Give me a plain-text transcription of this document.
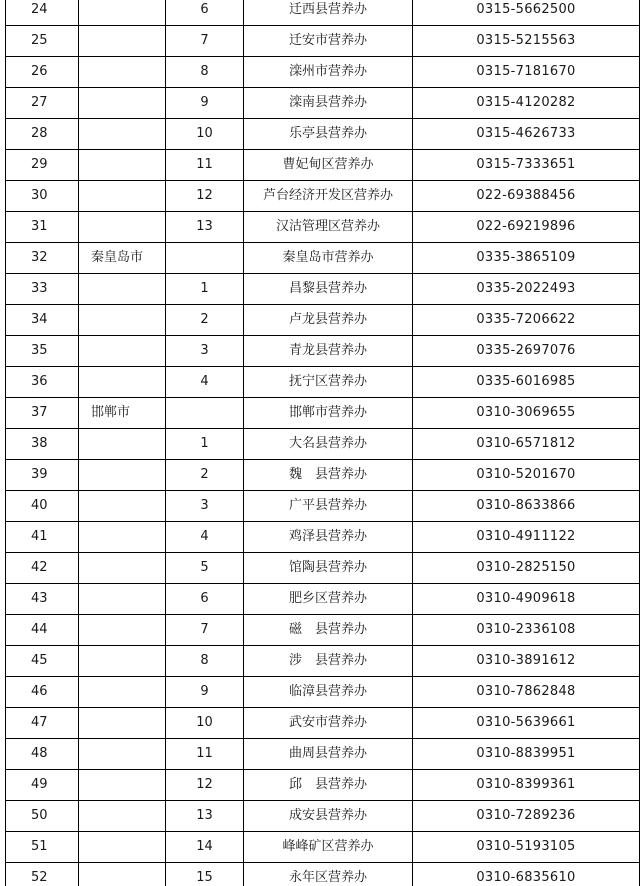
24		6	迁西县营养办	0315-5662500
25		7	迁安市营养办	0315-5215563
26		8	滦州市营养办	0315-7181670
27		9	滦南县营养办	0315-4120282
28		10	乐亭县营养办	0315-4626733
29		11	曹妃甸区营养办	0315-7333651
30		12	芦台经济开发区营养办	022-69388456
31		13	汉沽管理区营养办	022-69219896
32	秦皇岛市		秦皇岛市营养办	0335-3865109
33		1	昌黎县营养办	0335-2022493
34		2	卢龙县营养办	0335-7206622
35		3	青龙县营养办	0335-2697076
36		4	抚宁区营养办	0335-6016985
37	邯郸市		邯郸市营养办	0310-3069655
38		1	大名县营养办	0310-6571812
39		2	魏　县营养办	0310-5201670
40		3	广平县营养办	0310-8633866
41		4	鸡泽县营养办	0310-4911122
42		5	馆陶县营养办	0310-2825150
43		6	肥乡区营养办	0310-4909618
44		7	磁　县营养办	0310-2336108
45		8	涉　县营养办	0310-3891612
46		9	临漳县营养办	0310-7862848
47		10	武安市营养办	0310-5639661
48		11	曲周县营养办	0310-8839951
49		12	邱　县营养办	0310-8399361
50		13	成安县营养办	0310-7289236
51		14	峰峰矿区营养办	0310-5193105
52		15	永年区营养办	0310-6835610
